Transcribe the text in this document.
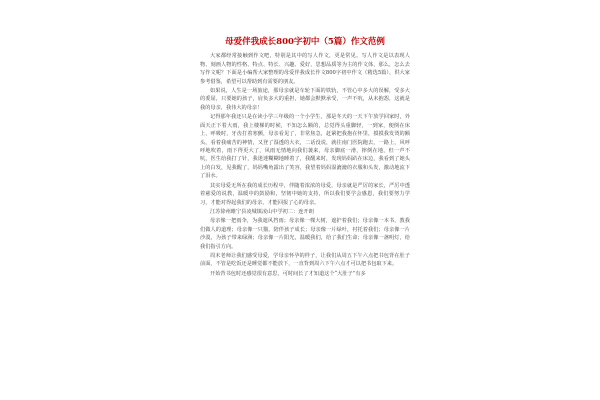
母爱伴我成长800字初中（5篇）作文范例

大家都经常接触到作文吧，特别是其中的写人作文，更是常见。写人作文是以表现人物、刻画人物的性格、特点、特长、兴趣、爱好、思想品质等为主的作文体，那么，怎么去写作文呢？下面是小编帮大家整理的母爱伴我成长作文800字初中作文（精选5篇），供大家参考借鉴，希望可以帮助到有需要的朋友。

如果说，人生是一场旅途，那母亲就是车轮下面的铁轨，不管心中多大的误解，受多大的委屈，只要她的孩子，肩负多大的重担，她都会默默承受，一声不吭，从未抱怨，这就是我的母亲，我伟大的母亲！

记得那年我还只是在读小学三年级的一个小学生，那是冬天的一天下午放学回家时，外面天正下着大雨，我上楼梯的时候，不知怎么额的，总觉得头重脚轻，一到家，便倒在床上，呼吸时，牙齿打着寒颤，母亲看见了，非常焦急，赶紧把我抱在怀里，摸摸我发烫的额头，看着我痛苦的神情，又登了湿透的大衣，二话没说，就往南门医院跑去，一路上，风呼呼地吹着，雨下得更大了，风雨无情地向我们袭来，母亲脚底一滑，摔倒在地，但一声不吭，医生给我打了针，我迷迷糊糊地睡着了，我醒来时，发现妈妈趴在床边，我看到了她头上的白发，见我醒了，妈妈嘴角露出了笑容，我望着妈妈湿漉漉的衣服和头发，激动地流下了泪水。

其实母爱无所在我的成长历程中，伴随着浓浓的母爱，母亲就是严厉的家长，严厉中透着慈爱的说教，温暖中的鼓励和，坚韧中她的支持，所以我们要学会感恩，我们要努力学习，才能对得起我们的母亲，才能回报了心的母亲。

江苏徐州睢宁县凌城镇凌山中学初二：连开朗

母亲像一把雨伞，为我遮风挡雨；母亲像一棵大树，遮护着我们；母亲像一本书，教我们做人的道理；母亲像一只猫，陪伴孩子成长；母亲像一片绿叶，衬托着我们；母亲像一片沙漠，为孩子带来绿洲；母亲像一片阳光，温暖我们，给了我们生命；母亲像一盏明灯，给我们指引方向。

周末老师让我们感受母爱，学母亲怀孕的样子，让我们从周五下午六点把书包背在肚子前面，不管是吃饭还是睡觉都不能放下，一直背到周六下午六点才可以把书包取下来。

开始背书包时还感觉很有意思，可时间长了才知道这个“大肚子”有多
